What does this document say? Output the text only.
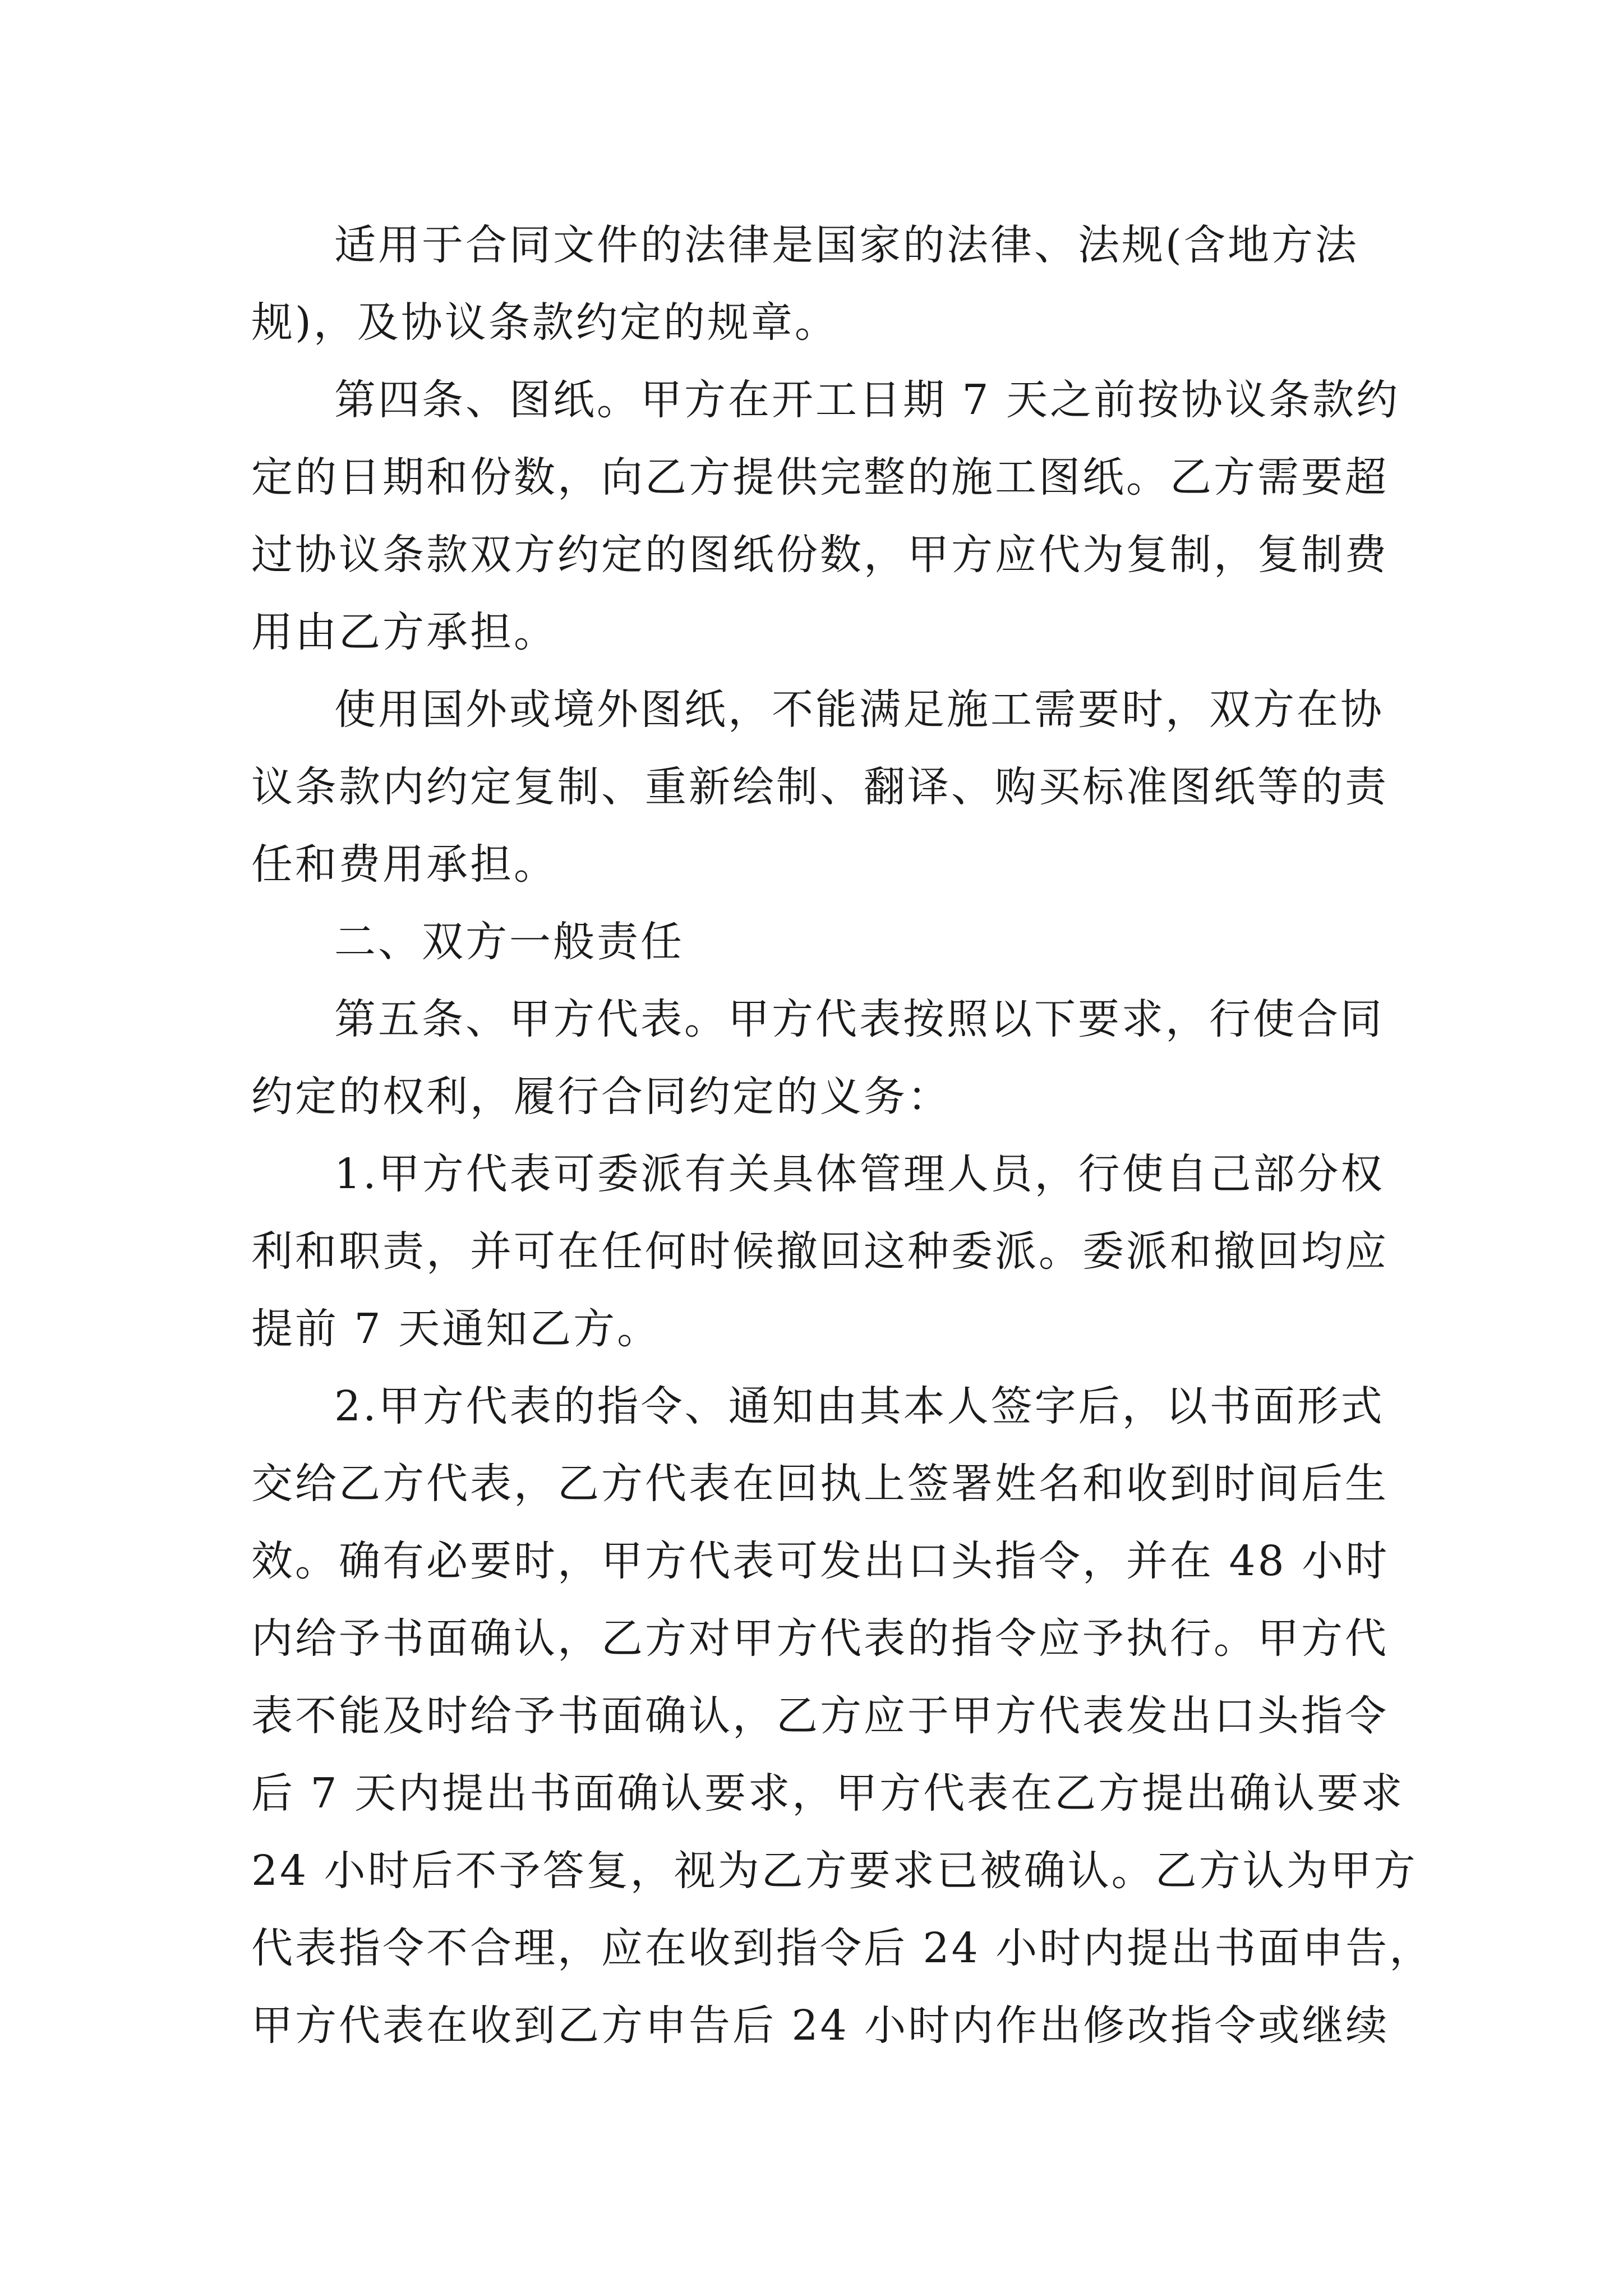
适用于合同文件的法律是国家的法律、法规(含地方法
规)，及协议条款约定的规章。

第四条、图纸。甲方在开工日期 7 天之前按协议条款约
定的日期和份数，向乙方提供完整的施工图纸。乙方需要超
过协议条款双方约定的图纸份数，甲方应代为复制，复制费
用由乙方承担。

使用国外或境外图纸，不能满足施工需要时，双方在协
议条款内约定复制、重新绘制、翻译、购买标准图纸等的责
任和费用承担。

二、双方一般责任

第五条、甲方代表。甲方代表按照以下要求，行使合同
约定的权利，履行合同约定的义务：

1.甲方代表可委派有关具体管理人员，行使自己部分权
利和职责，并可在任何时候撤回这种委派。委派和撤回均应
提前 7 天通知乙方。

2.甲方代表的指令、通知由其本人签字后，以书面形式
交给乙方代表，乙方代表在回执上签署姓名和收到时间后生
效。确有必要时，甲方代表可发出口头指令，并在 48 小时
内给予书面确认，乙方对甲方代表的指令应予执行。甲方代
表不能及时给予书面确认，乙方应于甲方代表发出口头指令
后 7 天内提出书面确认要求，甲方代表在乙方提出确认要求
24 小时后不予答复，视为乙方要求已被确认。乙方认为甲方
代表指令不合理，应在收到指令后 24 小时内提出书面申告，
甲方代表在收到乙方申告后 24 小时内作出修改指令或继续
